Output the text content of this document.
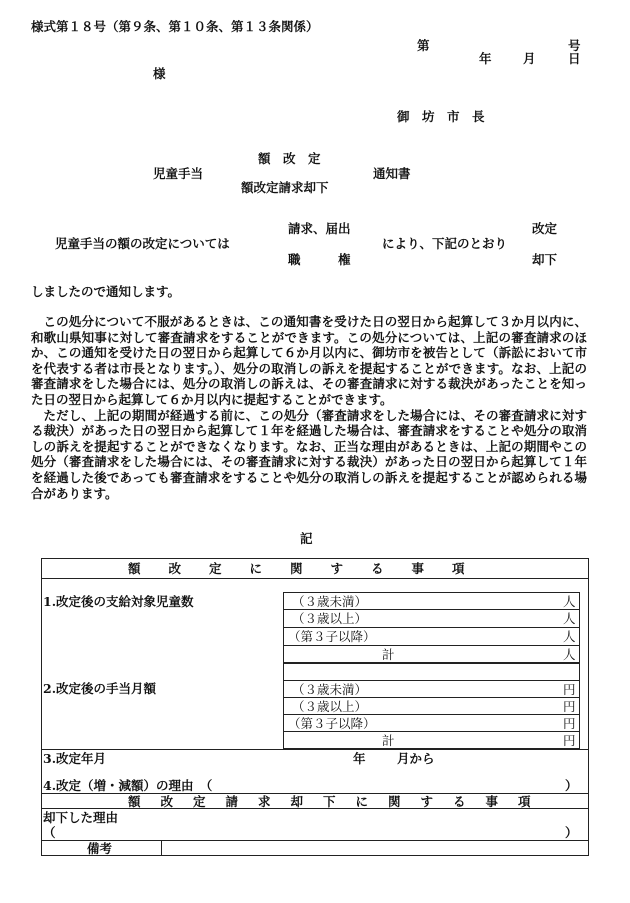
様式第１８号（第９条、第１０条、第１３条関係）
第	号
年	月	日
様
御　坊　市　長
額　改　定
児童手当	通知書
額改定請求却下
請求、届出	改定
児童手当の額の改定については	により、下記のとおり
職　　　権	却下
しましたので通知します。

この処分について不服があるときは、この通知書を受けた日の翌日から起算して３か月以内に、和歌山県知事に対して審査請求をすることができます。この処分については、上記の審査請求のほか、この通知を受けた日の翌日から起算して６か月以内に、御坊市を被告として（訴訟において市を代表する者は市長となります。）、処分の取消しの訴えを提起することができます。なお、上記の審査請求をした場合には、処分の取消しの訴えは、その審査請求に対する裁決があったことを知った日の翌日から起算して６か月以内に提起することができます。

ただし、上記の期間が経過する前に、この処分（審査請求をした場合には、その審査請求に対する裁決）があった日の翌日から起算して１年を経過した場合は、審査請求をすることや処分の取消しの訴えを提起することができなくなります。なお、正当な理由があるときは、上記の期間やこの処分（審査請求をした場合には、その審査請求に対する裁決）があった日の翌日から起算して１年を経過した後であっても審査請求をすることや処分の取消しの訴えを提起することが認められる場合があります。

記
額改定に関する事項
1.改定後の支給対象児童数	（３歳未満）	人
（３歳以上）	人
（第３子以降）	人
計	人
2.改定後の手当月額	（３歳未満）	円
（３歳以上）	円
（第３子以降）	円
計	円
3.改定年月	年	月から
4.改定（増・減額）の理由　（	）
額改定請求却下に関する事項
却下した理由
（	）
備考
